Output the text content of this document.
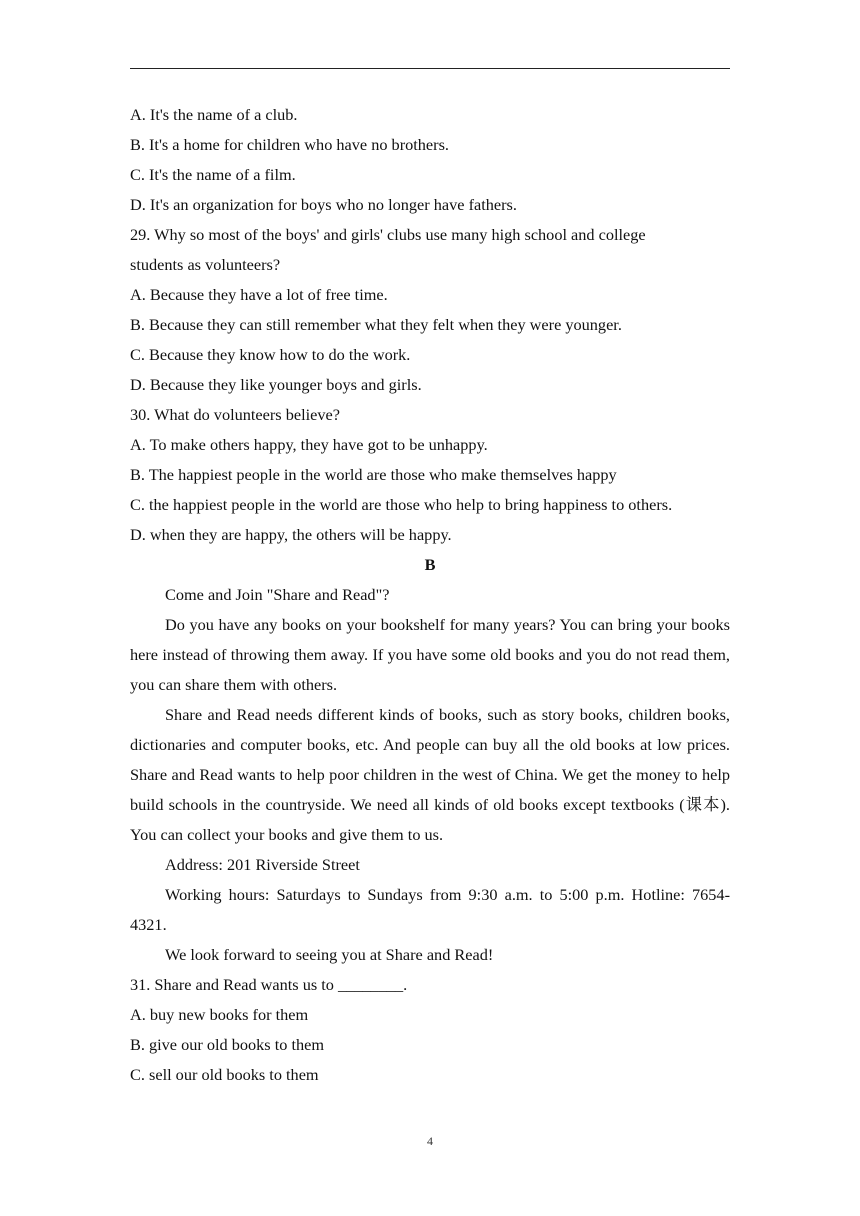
A. It's the name of a club.
B. It's a home for children who have no brothers.
C. It's the name of a film.
D. It's an organization for boys who no longer have fathers.
29. Why so most of the boys' and girls' clubs use many high school and college
students as volunteers?
A. Because they have a lot of free time.
B. Because they can still remember what they felt when they were younger.
C. Because they know how to do the work.
D. Because they like younger boys and girls.
30. What do volunteers believe?
A. To make others happy, they have got to be unhappy.
B. The happiest people in the world are those who make themselves happy
C. the happiest people in the world are those who help to bring happiness to others.
D. when they are happy, the others will be happy.
B
Come and Join "Share and Read"?
Do you have any books on your bookshelf for many years? You can bring your books here instead of throwing them away. If you have some old books and you do not read them, you can share them with others.
Share and Read needs different kinds of books, such as story books, children books, dictionaries and computer books, etc. And people can buy all the old books at low prices. Share and Read wants to help poor children in the west of China. We get the money to help build schools in the countryside. We need all kinds of old books except textbooks (课本). You can collect your books and give them to us.
Address: 201 Riverside Street
Working hours: Saturdays to Sundays from 9:30 a.m. to 5:00 p.m. Hotline: 7654-4321.
We look forward to seeing you at Share and Read!
31. Share and Read wants us to ________.
A. buy new books for them
B. give our old books to them
C. sell our old books to them
4
